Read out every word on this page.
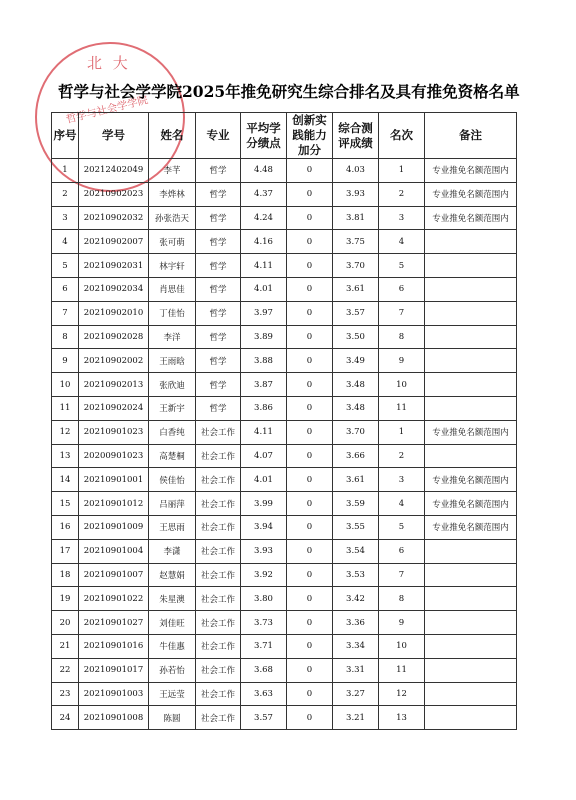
北 大
哲学与社会学学院
哲学与社会学学院2025年推免研究生综合排名及具有推免资格名单
序号	学号	姓名	专业	平均学分绩点	创新实践能力加分	综合测评成绩	名次	备注
1	20212402049	李芊	哲学	4.48	0	4.03	1	专业推免名额范围内
2	20210902023	李烨林	哲学	4.37	0	3.93	2	专业推免名额范围内
3	20210902032	孙张浩天	哲学	4.24	0	3.81	3	专业推免名额范围内
4	20210902007	张可萌	哲学	4.16	0	3.75	4	
5	20210902031	林宇轩	哲学	4.11	0	3.70	5	
6	20210902034	肖思佳	哲学	4.01	0	3.61	6	
7	20210902010	丁佳怡	哲学	3.97	0	3.57	7	
8	20210902028	李洋	哲学	3.89	0	3.50	8	
9	20210902002	王雨晗	哲学	3.88	0	3.49	9	
10	20210902013	张欣迪	哲学	3.87	0	3.48	10	
11	20210902024	王新宇	哲学	3.86	0	3.48	11	
12	20210901023	白香纯	社会工作	4.11	0	3.70	1	专业推免名额范围内
13	20200901023	高楚桐	社会工作	4.07	0	3.66	2	
14	20210901001	侯佳怡	社会工作	4.01	0	3.61	3	专业推免名额范围内
15	20210901012	吕丽萍	社会工作	3.99	0	3.59	4	专业推免名额范围内
16	20210901009	王思雨	社会工作	3.94	0	3.55	5	专业推免名额范围内
17	20210901004	李潇	社会工作	3.93	0	3.54	6	
18	20210901007	赵慧娟	社会工作	3.92	0	3.53	7	
19	20210901022	朱星澳	社会工作	3.80	0	3.42	8	
20	20210901027	刘佳旺	社会工作	3.73	0	3.36	9	
21	20210901016	牛佳惠	社会工作	3.71	0	3.34	10	
22	20210901017	孙若怡	社会工作	3.68	0	3.31	11	
23	20210901003	王远莹	社会工作	3.63	0	3.27	12	
24	20210901008	陈圆	社会工作	3.57	0	3.21	13	
